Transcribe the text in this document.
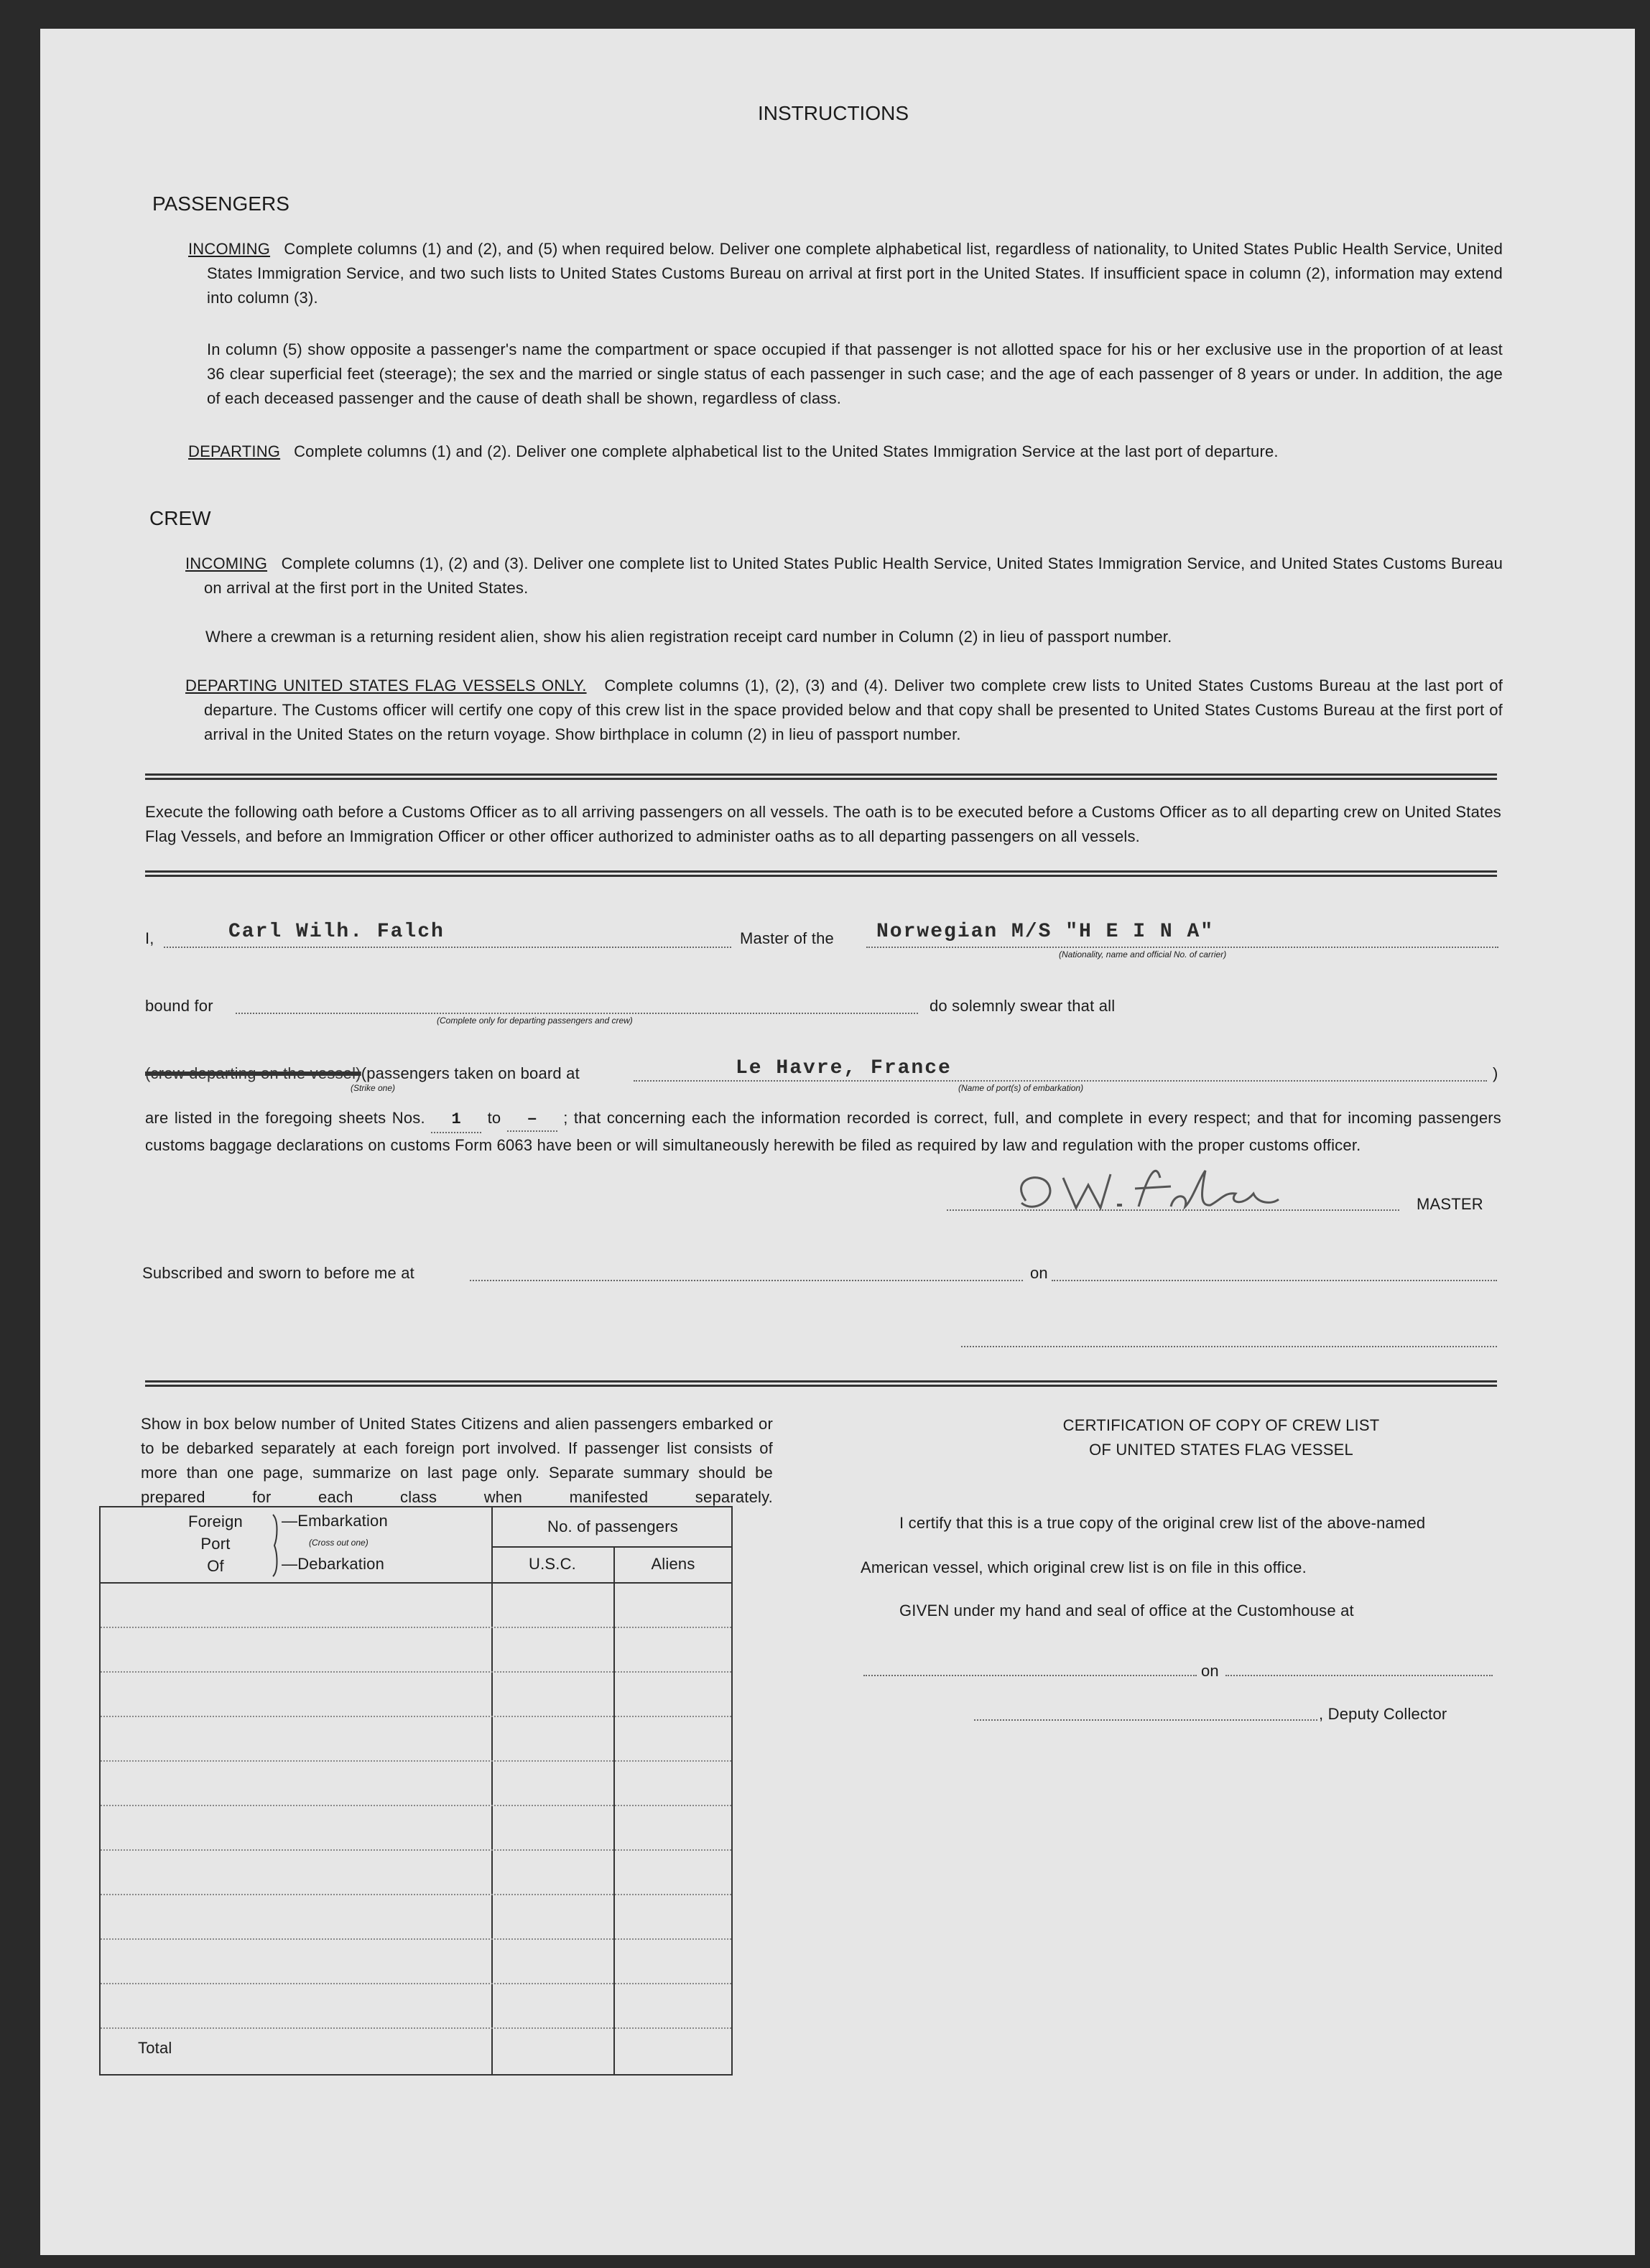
INSTRUCTIONS
PASSENGERS
INCOMING Complete columns (1) and (2), and (5) when required below. Deliver one complete alphabetical list, regardless of nationality, to United States Public Health Service, United States Immigration Service, and two such lists to United States Customs Bureau on arrival at first port in the United States. If insufficient space in column (2), information may extend into column (3).
In column (5) show opposite a passenger's name the compartment or space occupied if that passenger is not allotted space for his or her exclusive use in the proportion of at least 36 clear superficial feet (steerage); the sex and the married or single status of each passenger in such case; and the age of each passenger of 8 years or under. In addition, the age of each deceased passenger and the cause of death shall be shown, regardless of class.
DEPARTING Complete columns (1) and (2). Deliver one complete alphabetical list to the United States Immigration Service at the last port of departure.
CREW
INCOMING Complete columns (1), (2) and (3). Deliver one complete list to United States Public Health Service, United States Immigration Service, and United States Customs Bureau on arrival at the first port in the United States.
Where a crewman is a returning resident alien, show his alien registration receipt card number in Column (2) in lieu of passport number.
DEPARTING UNITED STATES FLAG VESSELS ONLY. Complete columns (1), (2), (3) and (4). Deliver two complete crew lists to United States Customs Bureau at the last port of departure. The Customs officer will certify one copy of this crew list in the space provided below and that copy shall be presented to United States Customs Bureau at the first port of arrival in the United States on the return voyage. Show birthplace in column (2) in lieu of passport number.
Execute the following oath before a Customs Officer as to all arriving passengers on all vessels. The oath is to be executed before a Customs Officer as to all departing crew on United States Flag Vessels, and before an Immigration Officer or other officer authorized to administer oaths as to all departing passengers on all vessels.
I,	Carl Wilh. Falch	Master of the Norwegian M/S "H E I N A"
(Nationality, name and official No. of carrier)
bound for
(Complete only for departing passengers and crew)
do solemnly swear that all
(crew departing on the vessel)(passengers taken on board at
(Strike one)
Le Havre, France
(Name of port(s) of embarkation)
)
are listed in the foregoing sheets Nos. 1 to – ; that concerning each the information recorded is correct, full, and complete in every respect; and that for incoming passengers customs baggage declarations on customs Form 6063 have been or will simultaneously herewith be filed as required by law and regulation with the proper customs officer.
MASTER
Subscribed and sworn to before me at	on
Show in box below number of United States Citizens and alien passengers embarked or to be debarked separately at each foreign port involved. If passenger list consists of more than one page, summarize on last page only. Separate summary should be prepared for each class when manifested separately.
Foreign
Port
Of
—Embarkation
(Cross out one)
—Debarkation
No. of passengers
U.S.C.	Aliens
Total
CERTIFICATION OF COPY OF CREW LIST
OF UNITED STATES FLAG VESSEL
I certify that this is a true copy of the original crew list of the above-named
American vessel, which original crew list is on file in this office.
GIVEN under my hand and seal of office at the Customhouse at
on
, Deputy Collector
